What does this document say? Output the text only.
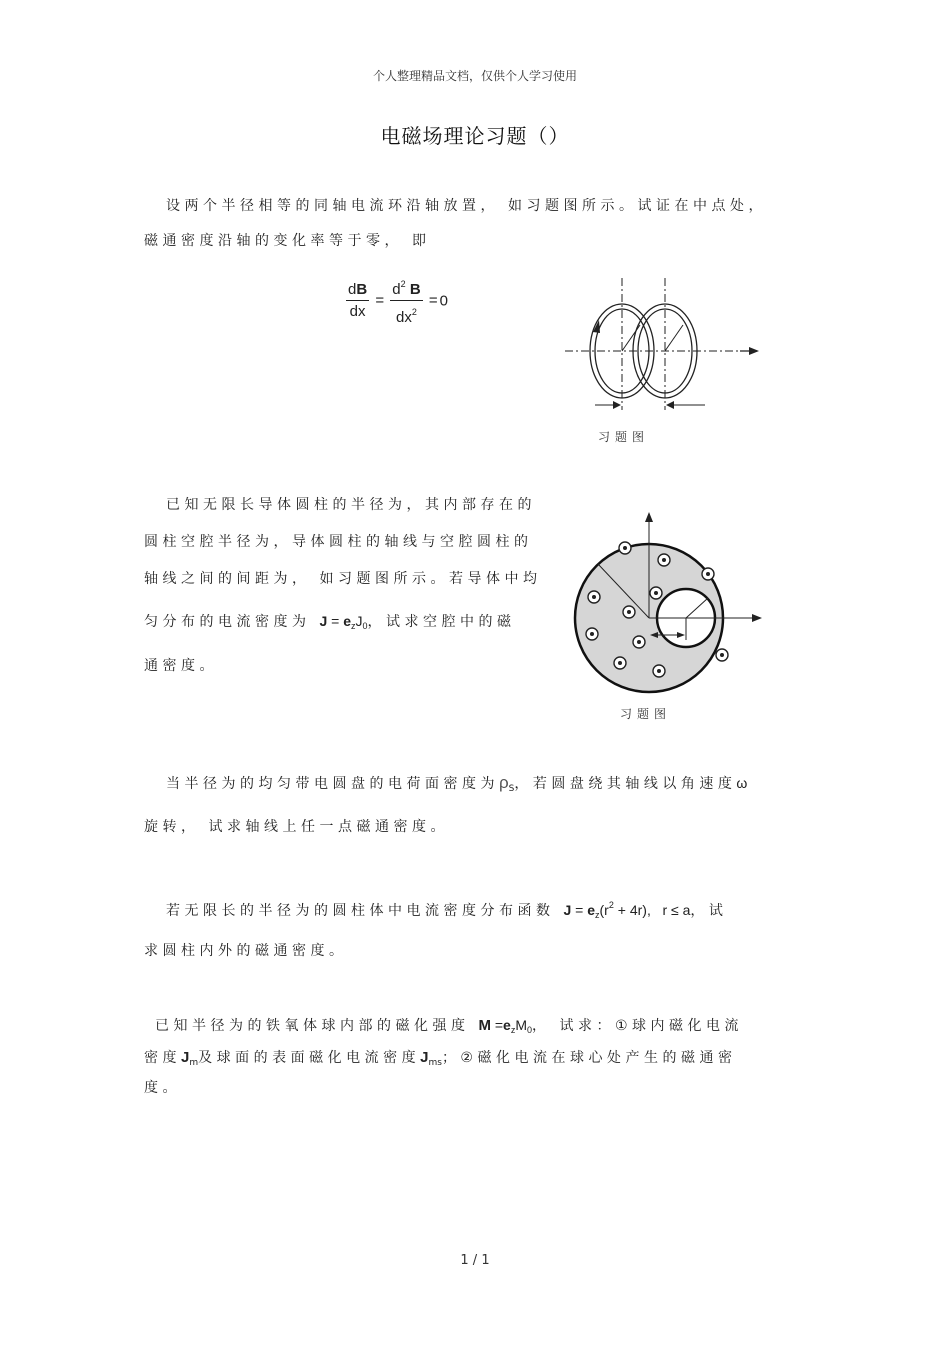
个人整理精品文档，仅供个人学习使用
电磁场理论习题（）
设两个半径相等的同轴电流环沿轴放置， 如习题图所示。试证在中点处，
磁通密度沿轴的变化率等于零， 即
$\frac{dB}{dx} = \frac{d^2 B}{dx^2} = 0$
习题图
已知无限长导体圆柱的半径为，其内部存在的
圆柱空腔半径为，导体圆柱的轴线与空腔圆柱的
轴线之间的间距为， 如习题图所示。若导体中均
匀分布的电流密度为 $J = e_zJ_0$，试求空腔中的磁
通密度。
习题图
当半径为的均匀带电圆盘的电荷面密度为$\rho_S$，若圆盘绕其轴线以角速度ω
旋转， 试求轴线上任一点磁通密度。
若无限长的半径为的圆柱体中电流密度分布函数 $J = e_z(r^2 + 4r)$, r ≤ a，试
求圆柱内外的磁通密度。
已知半径为的铁氧体球内部的磁化强度 $M =e_zM_0$， 试求：①球内磁化电流
密度$J_m$及球面的表面磁化电流密度$J_{ms}$；②磁化电流在球心处产生的磁通密
度。
1 / 1
